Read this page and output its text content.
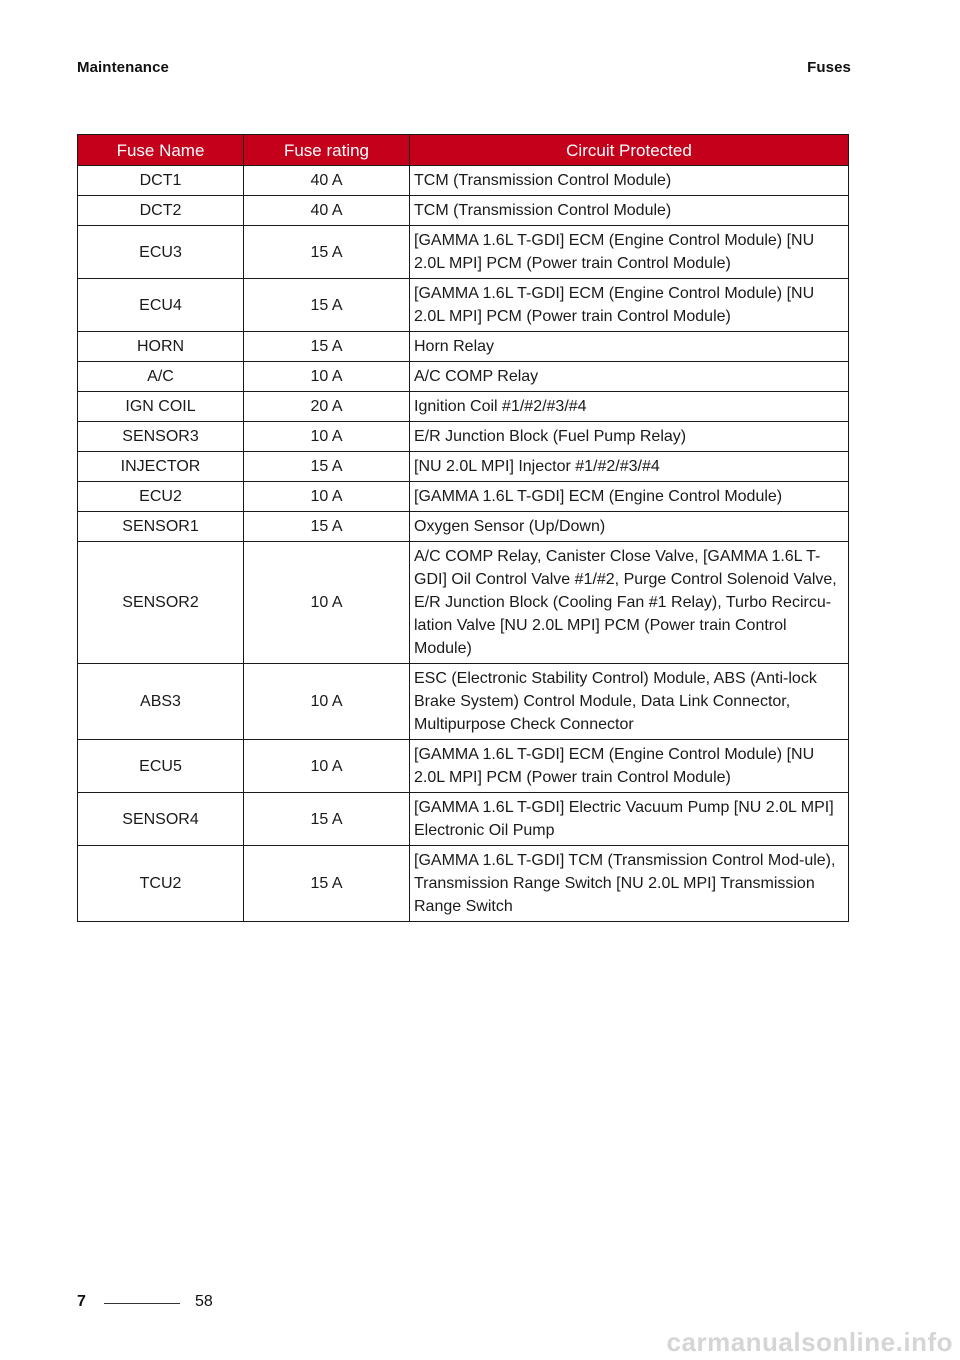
Maintenance	Fuses
Fuse Name	Fuse rating	Circuit Protected
DCT1	40 A	TCM (Transmission Control Module)
DCT2	40 A	TCM (Transmission Control Module)
ECU3	15 A	[GAMMA 1.6L T-GDI] ECM (Engine Control Module) [NU 2.0L MPI] PCM (Power train Control Module)
ECU4	15 A	[GAMMA 1.6L T-GDI] ECM (Engine Control Module) [NU 2.0L MPI] PCM (Power train Control Module)
HORN	15 A	Horn Relay
A/C	10 A	A/C COMP Relay
IGN COIL	20 A	Ignition Coil #1/#2/#3/#4
SENSOR3	10 A	E/R Junction Block (Fuel Pump Relay)
INJECTOR	15 A	[NU 2.0L MPI] Injector #1/#2/#3/#4
ECU2	10 A	[GAMMA 1.6L T-GDI] ECM (Engine Control Module)
SENSOR1	15 A	Oxygen Sensor (Up/Down)
SENSOR2	10 A	A/C COMP Relay, Canister Close Valve, [GAMMA 1.6L T-GDI] Oil Control Valve #1/#2, Purge Control Solenoid Valve, E/R Junction Block (Cooling Fan #1 Relay), Turbo Recircu-lation Valve [NU 2.0L MPI] PCM (Power train Control Module)
ABS3	10 A	ESC (Electronic Stability Control) Module, ABS (Anti-lock Brake System) Control Module, Data Link Connector, Multipurpose Check Connector
ECU5	10 A	[GAMMA 1.6L T-GDI] ECM (Engine Control Module) [NU 2.0L MPI] PCM (Power train Control Module)
SENSOR4	15 A	[GAMMA 1.6L T-GDI] Electric Vacuum Pump [NU 2.0L MPI] Electronic Oil Pump
TCU2	15 A	[GAMMA 1.6L T-GDI] TCM (Transmission Control Mod-ule), Transmission Range Switch [NU 2.0L MPI] Transmission Range Switch
7	58
carmanualsonline.info
